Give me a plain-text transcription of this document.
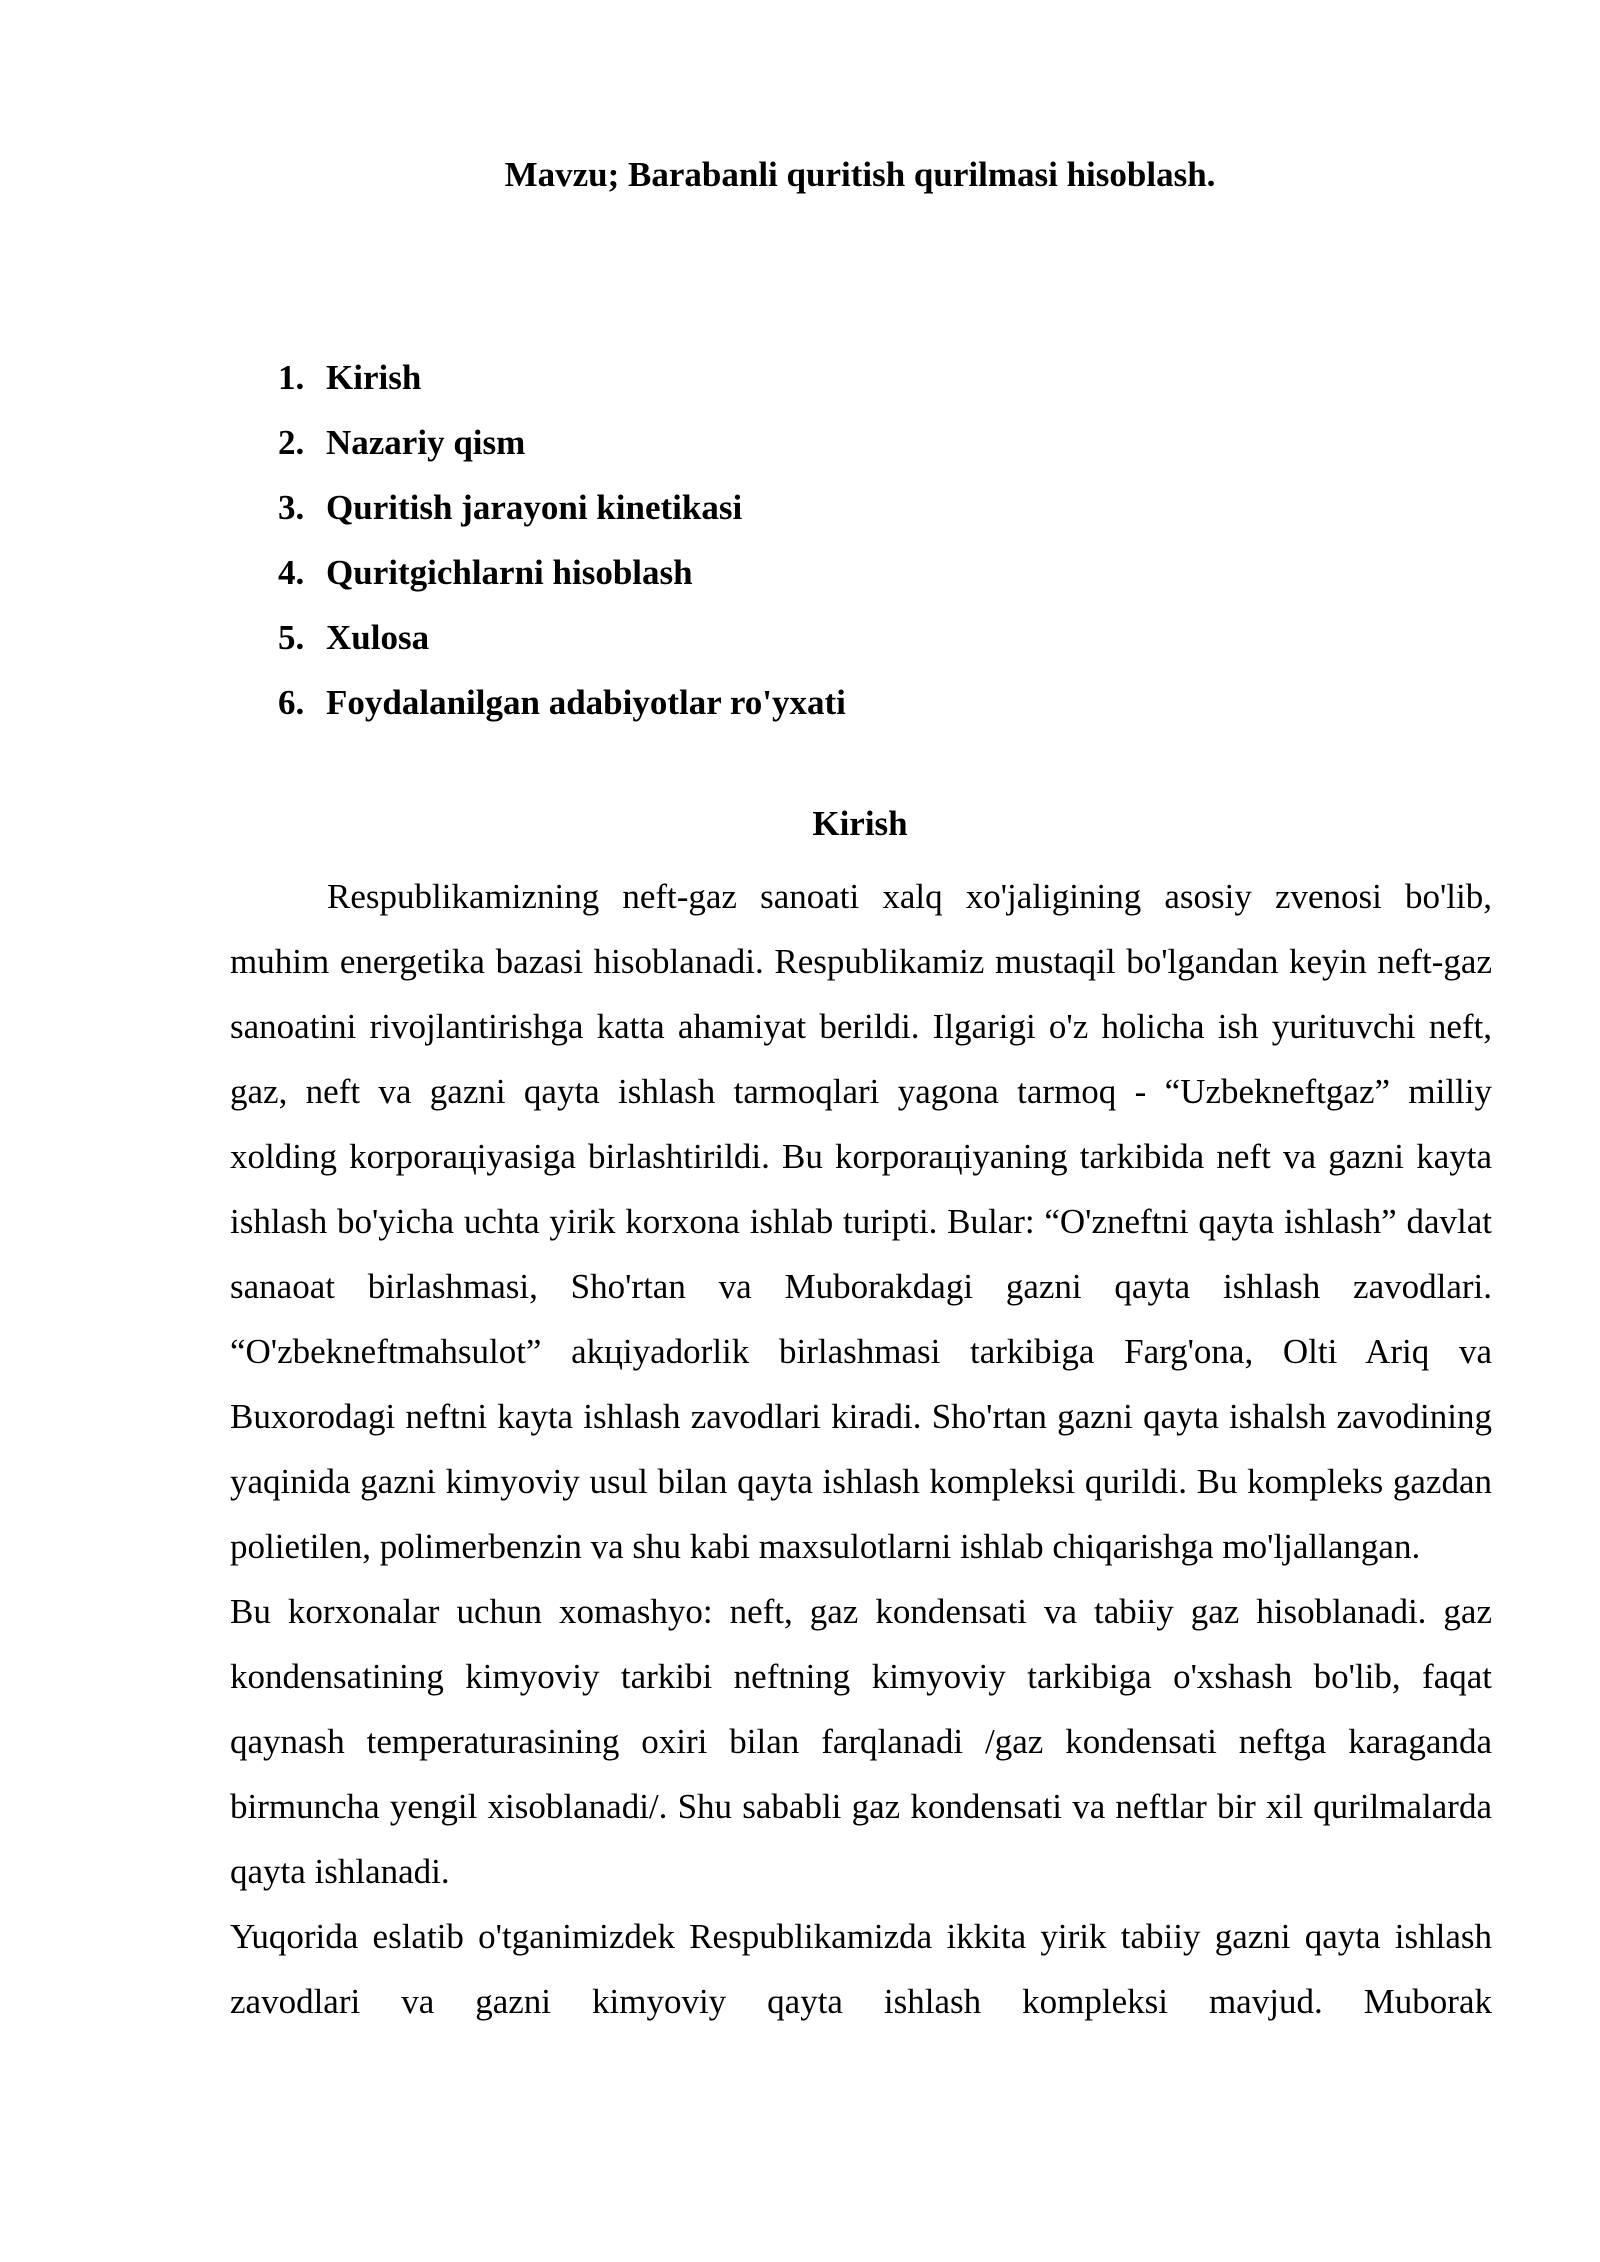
Mavzu; Barabanli quritish qurilmasi hisoblash.
1. Kirish
2. Nazariy qism
3. Quritish jarayoni kinetikasi
4. Quritgichlarni hisoblash
5. Xulosa
6. Foydalanilgan adabiyotlar ro'yxati
Kirish

Respublikamizning neft-gaz sanoati xalq xo'jaligining asosiy zvenosi bo'lib, muhim energetika bazasi hisoblanadi. Respublikamiz mustaqil bo'lgandan keyin neft-gaz sanoatini rivojlantirishga katta ahamiyat berildi. Ilgarigi o'z holicha ish yurituvchi neft, gaz, neft va gazni qayta ishlash tarmoqlari yagona tarmoq - “Uzbekneftgaz” milliy xolding korporaцiyasiga birlashtirildi. Bu korporaцiyaning tarkibida neft va gazni kayta ishlash bo'yicha uchta yirik korxona ishlab turipti. Bular: “O'zneftni qayta ishlash” davlat sanaoat birlashmasi, Sho'rtan va Muborakdagi gazni qayta ishlash zavodlari. “O'zbekneftmahsulot” akцiyadorlik birlashmasi tarkibiga Farg'ona, Olti Ariq va Buxorodagi neftni kayta ishlash zavodlari kiradi. Sho'rtan gazni qayta ishalsh zavodining yaqinida gazni kimyoviy usul bilan qayta ishlash kompleksi qurildi. Bu kompleks gazdan polietilen, polimerbenzin va shu kabi maxsulotlarni ishlab chiqarishga mo'ljallangan.

Bu korxonalar uchun xomashyo: neft, gaz kondensati va tabiiy gaz hisoblanadi. gaz kondensatining kimyoviy tarkibi neftning kimyoviy tarkibiga o'xshash bo'lib, faqat qaynash temperaturasining oxiri bilan farqlanadi /gaz kondensati neftga karaganda birmuncha yengil xisoblanadi/. Shu sababli gaz kondensati va neftlar bir xil qurilmalarda qayta ishlanadi.

Yuqorida eslatib o'tganimizdek Respublikamizda ikkita yirik tabiiy gazni qayta ishlash zavodlari va gazni kimyoviy qayta ishlash kompleksi mavjud. Muborak
